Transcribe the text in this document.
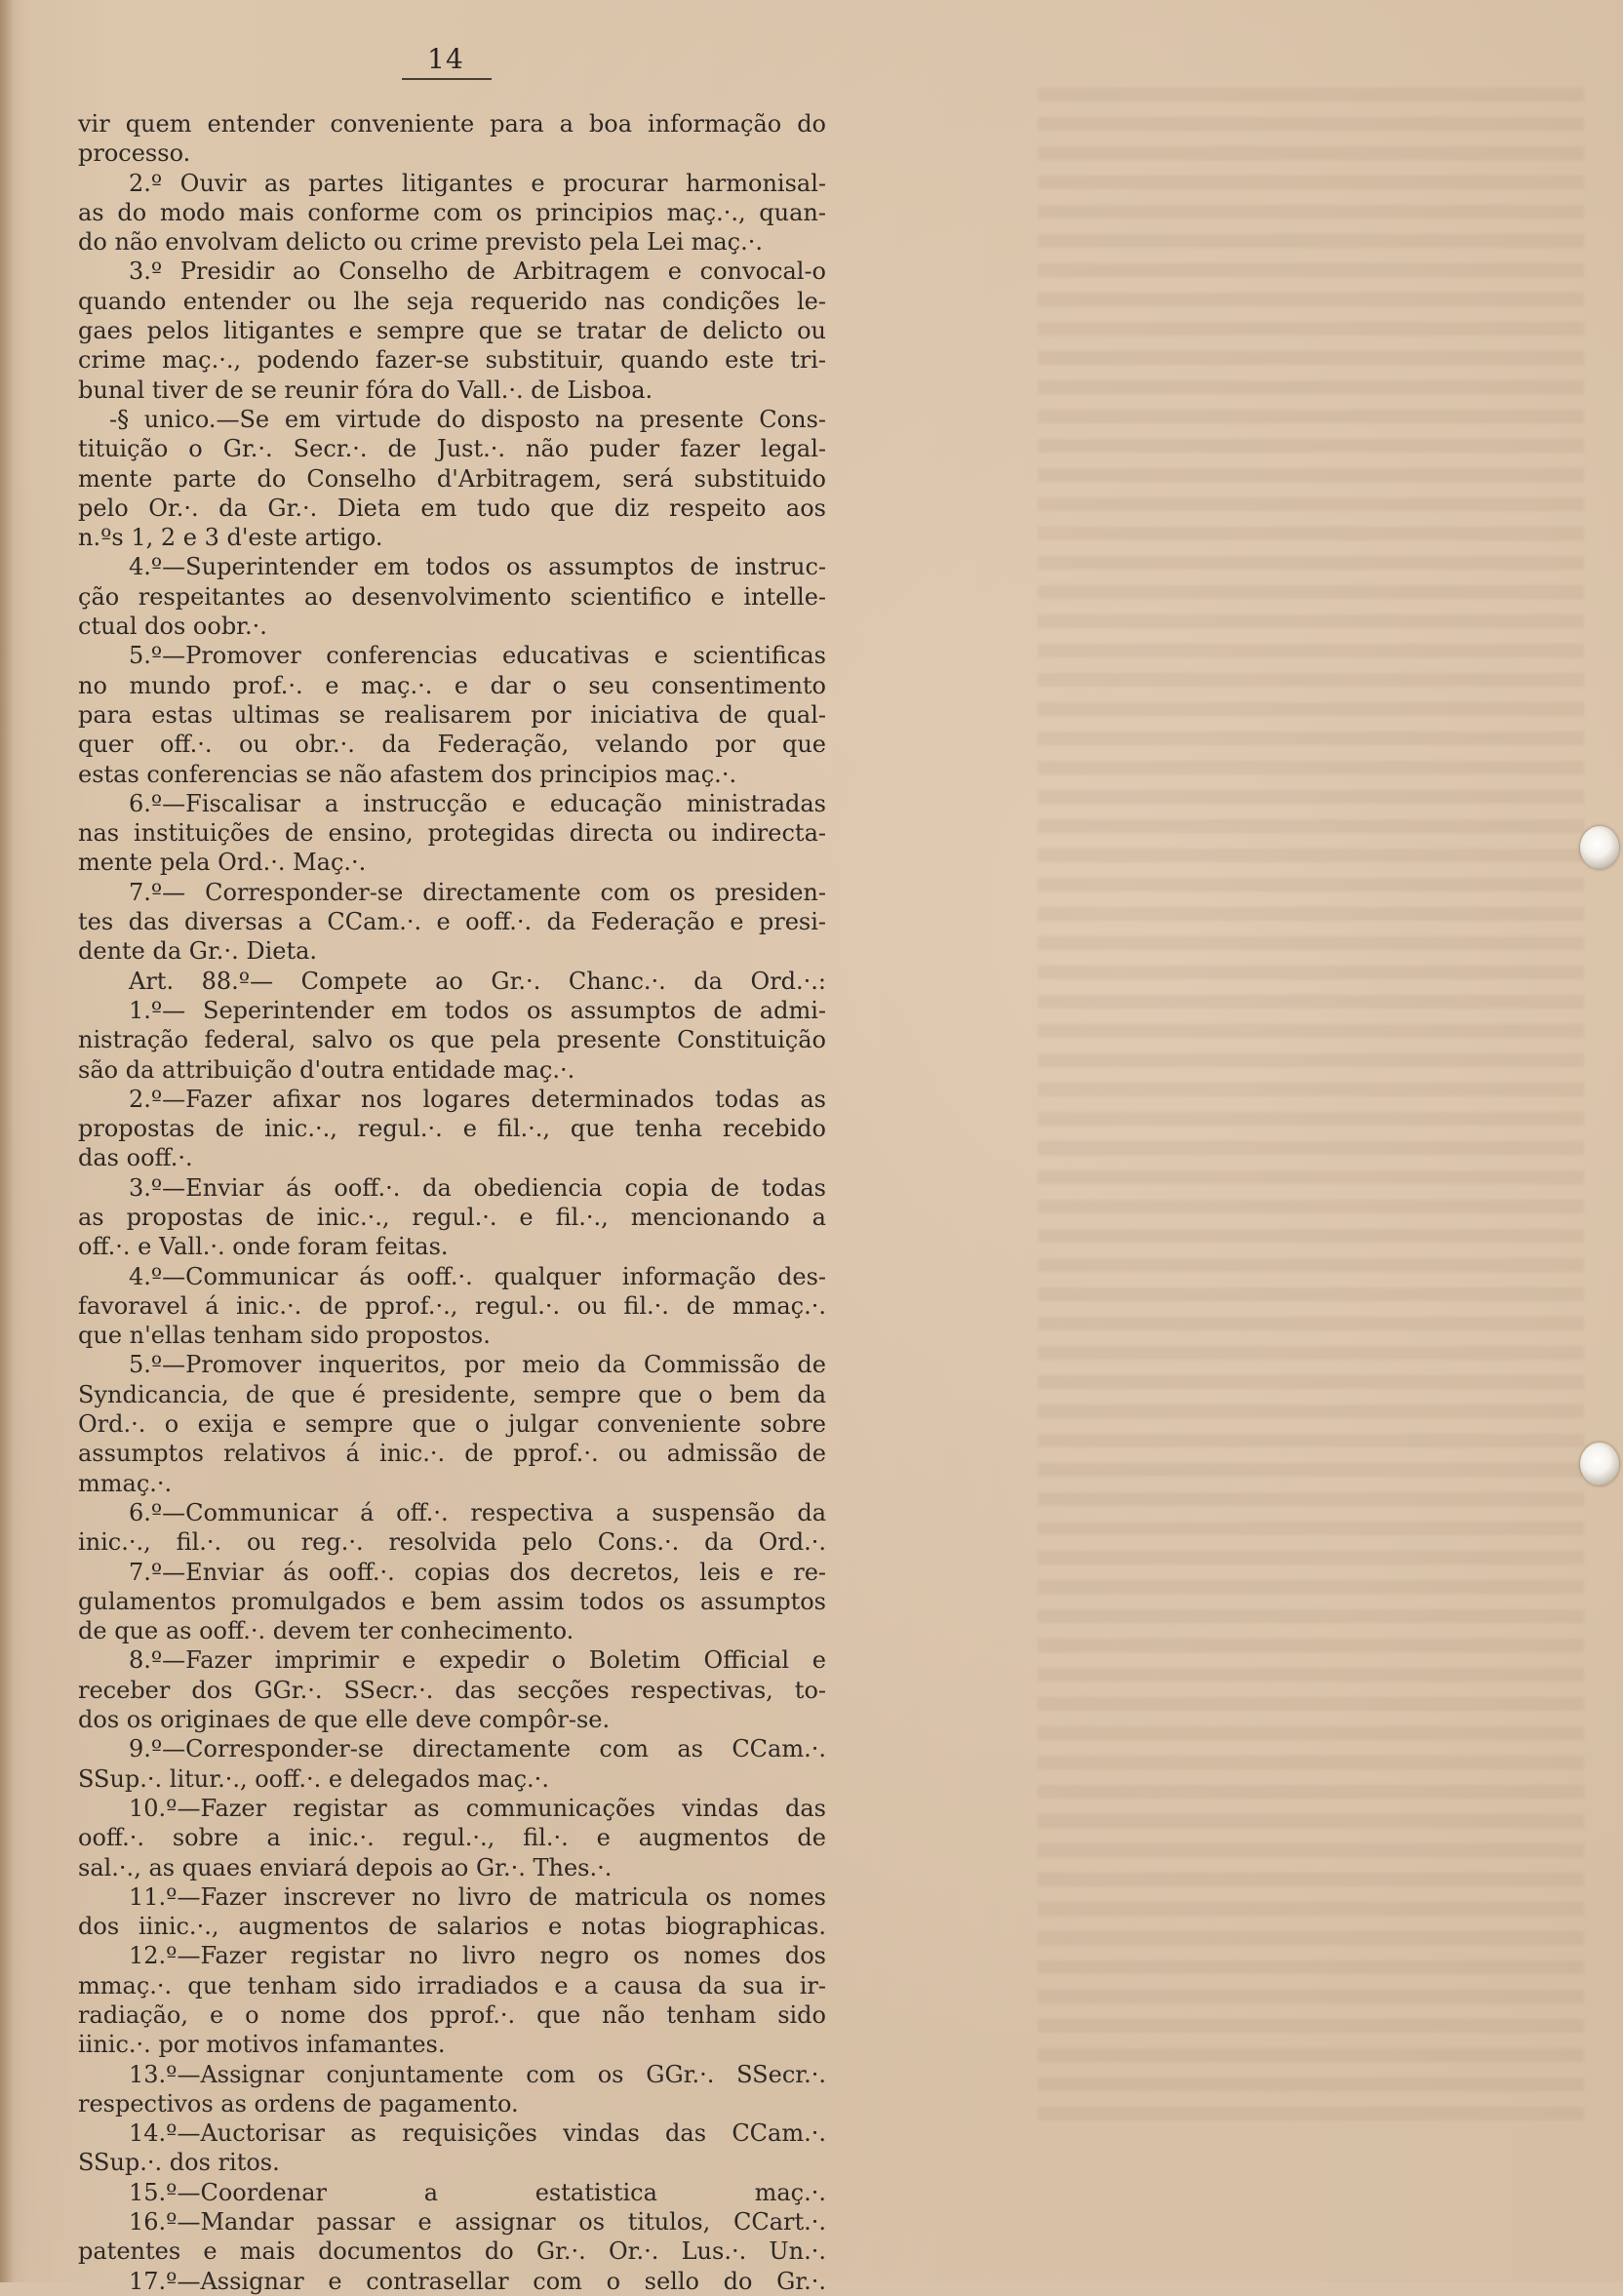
14
vir quem entender conveniente para a boa informação do
processo.
2.º Ouvir as partes litigantes e procurar harmonisal-
as do modo mais conforme com os principios maç.·., quan-
do não envolvam delicto ou crime previsto pela Lei maç.·.
3.º Presidir ao Conselho de Arbitragem e convocal-o
quando entender ou lhe seja requerido nas condições le-
gaes pelos litigantes e sempre que se tratar de delicto ou
crime maç.·., podendo fazer-se substituir, quando este tri-
bunal tiver de se reunir fóra do Vall.·. de Lisboa.
-§ unico.—Se em virtude do disposto na presente Cons-
tituição o Gr.·. Secr.·. de Just.·. não puder fazer legal-
mente parte do Conselho d'Arbitragem, será substituido
pelo Or.·. da Gr.·. Dieta em tudo que diz respeito aos
n.ºs 1, 2 e 3 d'este artigo.
4.º—Superintender em todos os assumptos de instruc-
ção respeitantes ao desenvolvimento scientifico e intelle-
ctual dos oobr.·.
5.º—Promover conferencias educativas e scientificas
no mundo prof.·. e maç.·. e dar o seu consentimento
para estas ultimas se realisarem por iniciativa de qual-
quer off.·. ou obr.·. da Federação, velando por que
estas conferencias se não afastem dos principios maç.·.
6.º—Fiscalisar a instrucção e educação ministradas
nas instituições de ensino, protegidas directa ou indirecta-
mente pela Ord.·. Maç.·.
7.º— Corresponder-se directamente com os presiden-
tes das diversas a CCam.·. e ooff.·. da Federação e presi-
dente da Gr.·. Dieta.
Art. 88.º— Compete ao Gr.·. Chanc.·. da Ord.·.:
1.º— Seperintender em todos os assumptos de admi-
nistração federal, salvo os que pela presente Constituição
são da attribuição d'outra entidade maç.·.
2.º—Fazer afixar nos logares determinados todas as
propostas de inic.·., regul.·. e fil.·., que tenha recebido
das ooff.·.
3.º—Enviar ás ooff.·. da obediencia copia de todas
as propostas de inic.·., regul.·. e fil.·., mencionando a
off.·. e Vall.·. onde foram feitas.
4.º—Communicar ás ooff.·. qualquer informação des-
favoravel á inic.·. de pprof.·., regul.·. ou fil.·. de mmaç.·.
que n'ellas tenham sido propostos.
5.º—Promover inqueritos, por meio da Commissão de
Syndicancia, de que é presidente, sempre que o bem da
Ord.·. o exija e sempre que o julgar conveniente sobre
assumptos relativos á inic.·. de pprof.·. ou admissão de
mmaç.·.
6.º—Communicar á off.·. respectiva a suspensão da
inic.·., fil.·. ou reg.·. resolvida pelo Cons.·. da Ord.·.
7.º—Enviar ás ooff.·. copias dos decretos, leis e re-
gulamentos promulgados e bem assim todos os assumptos
de que as ooff.·. devem ter conhecimento.
8.º—Fazer imprimir e expedir o Boletim Official e
receber dos GGr.·. SSecr.·. das secções respectivas, to-
dos os originaes de que elle deve compôr-se.
9.º—Corresponder-se directamente com as CCam.·.
SSup.·. litur.·., ooff.·. e delegados maç.·.
10.º—Fazer registar as communicações vindas das
ooff.·. sobre a inic.·. regul.·., fil.·. e augmentos de
sal.·., as quaes enviará depois ao Gr.·. Thes.·.
11.º—Fazer inscrever no livro de matricula os nomes
dos iinic.·., augmentos de salarios e notas biographicas.
12.º—Fazer registar no livro negro os nomes dos
mmaç.·. que tenham sido irradiados e a causa da sua ir-
radiação, e o nome dos pprof.·. que não tenham sido
iinic.·. por motivos infamantes.
13.º—Assignar conjuntamente com os GGr.·. SSecr.·.
respectivos as ordens de pagamento.
14.º—Auctorisar as requisições vindas das CCam.·.
SSup.·. dos ritos.
15.º—Coordenar a estatistica maç.·.
16.º—Mandar passar e assignar os titulos, CCart.·.
patentes e mais documentos do Gr.·. Or.·. Lus.·. Un.·.
17.º—Assignar e contrasellar com o sello do Gr.·.
